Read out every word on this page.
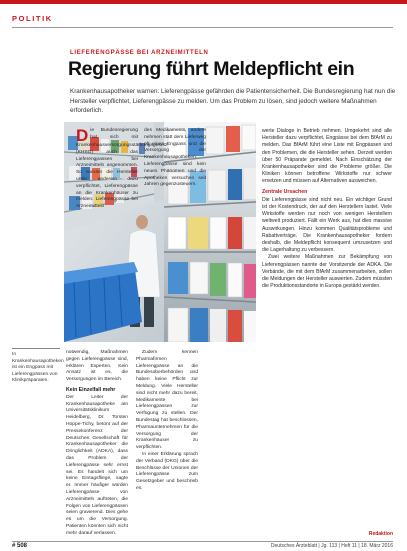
POLITIK
LIEFERENGPÄSSE BEI ARZNEIMITTELN
Regierung führt Meldepflicht ein

Krankenhausapotheker warnen: Lieferengpässe gefährden die Patientensicherheit. Die Bundesregierung hat nun die Hersteller verpflichtet, Lieferengpässe zu melden. Um das Problem zu lösen, sind jedoch weitere Maßnahmen erforderlich.

Die Bundesregierung hat sich mit Krankenhausversorgungsstärkungsgesetz (KHSG) auch das Lieferengpassen bei Arzneimitteln angenommen. So wurden die Hersteller unter anderem dazu verpflichtet, Lieferengpässe an die Krankenhäuser zu melden. Lieferengpässe bei Arzneimitteln

des Medikaments, andere nehmen statt dem Lieferweg oft einen Engpass und die Versorgung der Krankenhausapotheken. Lieferengpässe sind kein neues Phänomen und die Apotheken versuchen seit Jahren gegenzusteuern.

In Krankenhausapotheken ist ein Engpass mit Lieferengpässen von Klinikpräparaten.

notwendig, Maßnahmen gegen Lieferengpässe sind, erklären Experten. Kein Ansatz ist es, die Versorgungen im Bereich.

Kein Einzelfall mehr

Der Leiter der Krankenhausapotheke am Universitätsklinikum Heidelberg, Dr. Torsten Hoppe-Tichy, betont auf der Pressekonferenz der Deutschen Gesellschaft für Krankenhausapotheker die Dringlichkeit (ADKA), dass das Problem der Lieferengpässe sehr ernst sei. Es handelt sich um keine Eintagsfliege, sagte er. Immer häufiger würden Lieferengpässe von Arzneimitteln auftreten, die Folgen von Lieferengpässen seien gravierend. Dies gehe es um die Versorgung. Patienten könnten sich nicht mehr darauf verlassen.

Zudem kennen Pharmafirmen Lieferengpässe an die Bundesoberbehörden und haben keine Pflicht zur Meldung. Viele Hersteller sind nicht mehr dazu bereit, Medikamente bei Lieferengpässen zur Verfügung zu stellen. Der Bundestag hat beschlossen, Pharmaunternehmen für die Versorgung der Krankenhäuser zu verpflichten.

In einer Erklärung sprach der Verband (DKG) über die Beschlüsse der Unionen der Lieferengpässe zum Gesetzgeber und beschrieb es.

werte Dialoge in Betrieb nehmen. Umgekehrt sind alle Hersteller dazu verpflichtet, Engpässe bei dem BfArM zu melden. Das BfArM führt eine Liste mit Engpässen und den Problemen, die die Hersteller sehen. Derzeit werden über 50 Präparate gemeldet. Nach Einschätzung der Krankenhausapotheker sind die Probleme größer. Die Kliniken können betroffene Wirkstoffe nur schwer ersetzen und müssen auf Alternativen ausweichen.

Zentrale Ursachen

Die Lieferengpässe sind nicht neu. Ein wichtiger Grund ist der Kostendruck, der auf den Herstellern lastet. Viele Wirkstoffe werden nur noch von wenigen Herstellern weltweit produziert. Fällt ein Werk aus, hat dies massive Auswirkungen. Hinzu kommen Qualitätsprobleme und Rabattverträge. Die Krankenhausapotheker fordern deshalb, die Meldepflicht konsequent umzusetzen und die Lagerhaltung zu verbessern.

Zwei weitere Maßnahmen zur Bekämpfung von Lieferengpässen nannte der Vorsitzende der ADKA. Die Verbände, die mit dem BfArM zusammenarbeiten, sollen die Meldungen der Hersteller auswerten. Zudem müssten die Produktionsstandorte in Europa gestärkt werden.

Redaktion
# 508	Deutsches Ärzteblatt | Jg. 113 | Heft 11 | 18. März 2016
